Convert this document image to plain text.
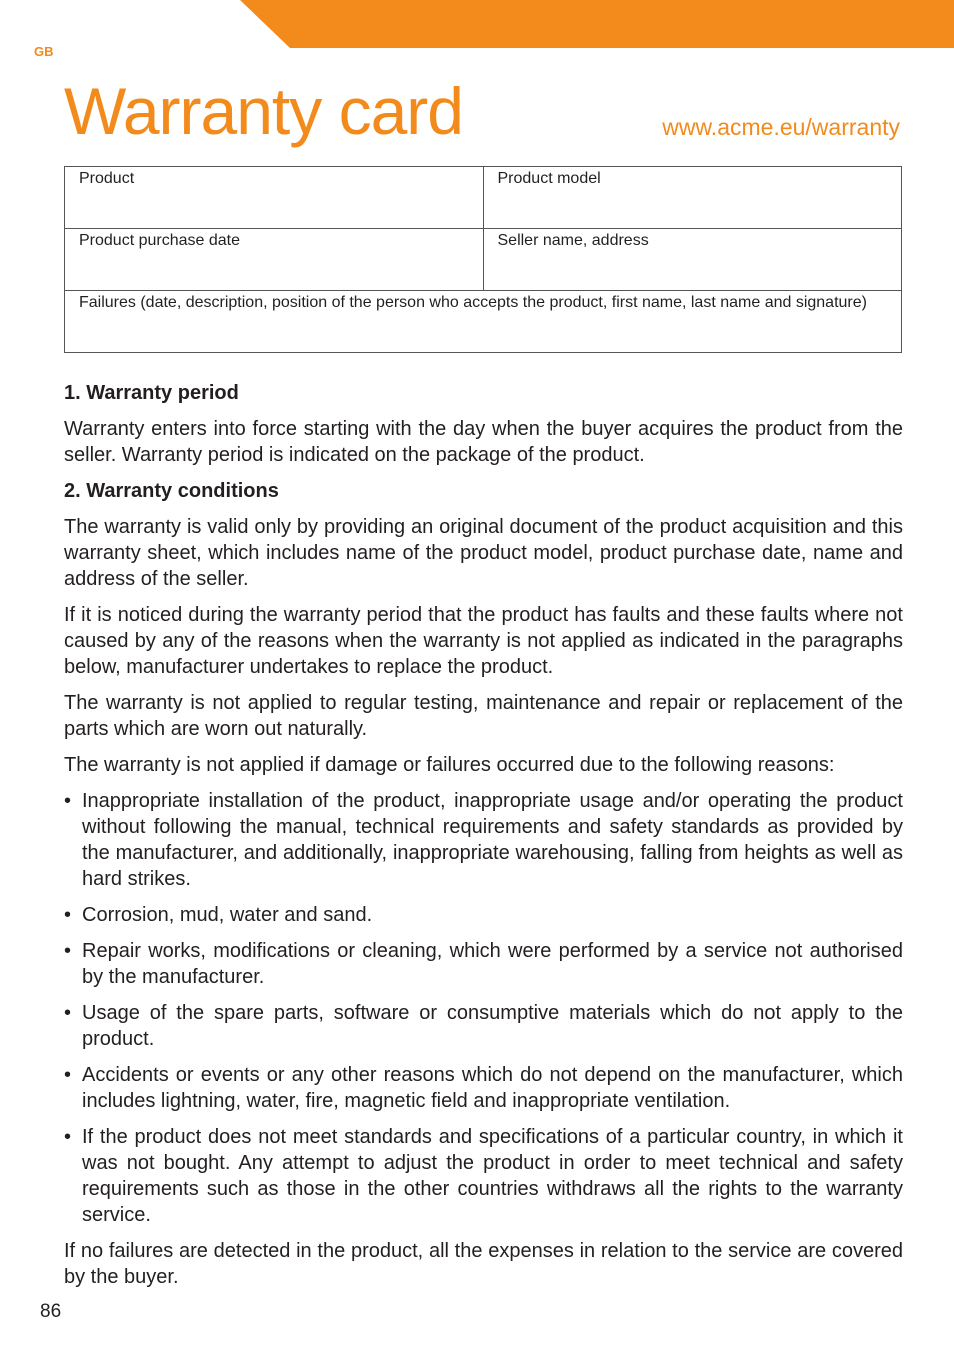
GB
Warranty card	www.acme.eu/warranty
Product	Product model
Product purchase date	Seller name, address
Failures (date, description, position of the person who accepts the product, first name, last name and signature)	
1. Warranty period

Warranty enters into force starting with the day when the buyer acquires the product from the seller. Warranty period is indicated on the package of the product.

2. Warranty conditions

The warranty is valid only by providing an original document of the product acquisition and this warranty sheet, which includes name of the product model, product purchase date, name and address of the seller.

If it is noticed during the warranty period that the product has faults and these faults where not caused by any of the reasons when the warranty is not applied as indicated in the paragraphs below, manufacturer undertakes to replace the product.

The warranty is not applied to regular testing, maintenance and repair or replacement of the parts which are worn out naturally.

The warranty is not applied if damage or failures occurred due to the following reasons:

• Inappropriate installation of the product, inappropriate usage and/or operating the product without following the manual, technical requirements and safety standards as provided by the manufacturer, and additionally, inappropriate warehousing, falling from heights as well as hard strikes.
• Corrosion, mud, water and sand.
• Repair works, modifications or cleaning, which were performed by a service not authorised by the manufacturer.
• Usage of the spare parts, software or consumptive materials which do not apply to the product.
• Accidents or events or any other reasons which do not depend on the manufacturer, which includes lightning, water, fire, magnetic field and inappropriate ventilation.
• If the product does not meet standards and specifications of a particular country, in which it was not bought. Any attempt to adjust the product in order to meet technical and safety requirements such as those in the other countries withdraws all the rights to the warranty service.

If no failures are detected in the product, all the expenses in relation to the service are covered by the buyer.

86
